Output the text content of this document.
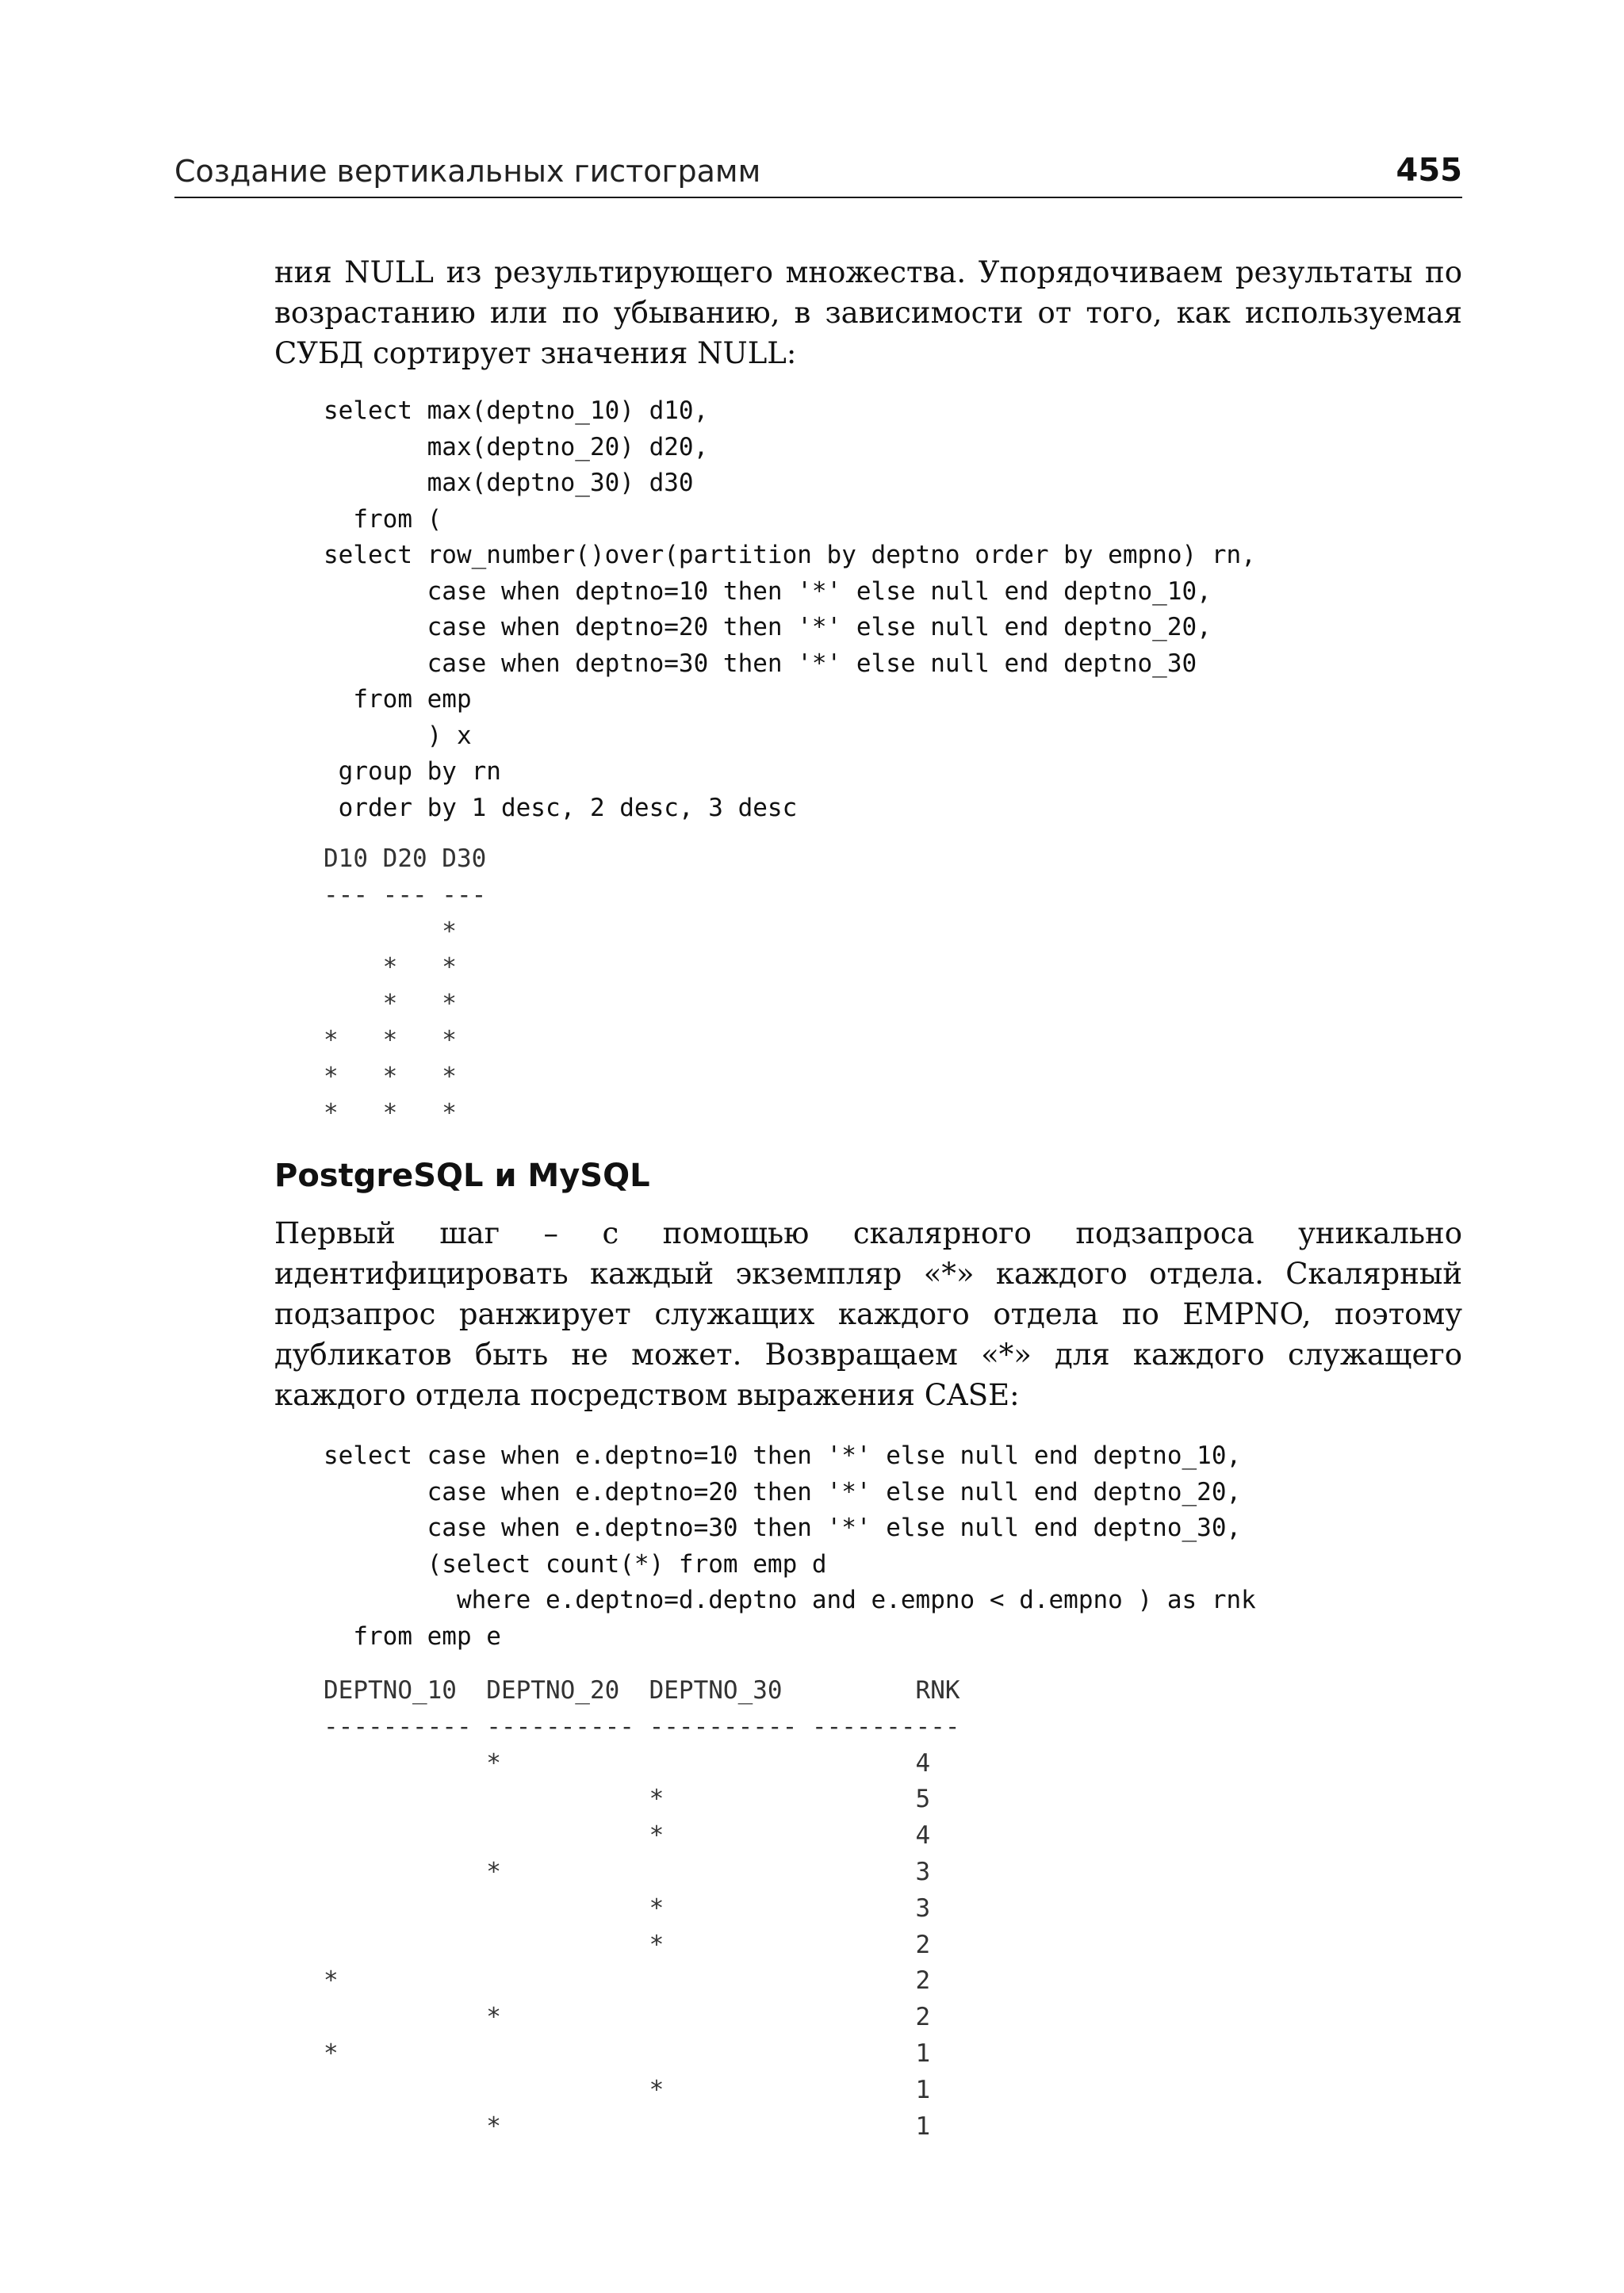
Создание вертикальных гистограмм	455

ния NULL из результирующего множества. Упорядочиваем результаты по возрастанию или по убыванию, в зависимости от того, как используемая СУБД сортирует значения NULL:

select max(deptno_10) d10,
max(deptno_20) d20,
max(deptno_30) d30
from (
select row_number()over(partition by deptno order by empno) rn,
case when deptno=10 then '*' else null end deptno_10,
case when deptno=20 then '*' else null end deptno_20,
case when deptno=30 then '*' else null end deptno_30
from emp
) x
group by rn
order by 1 desc, 2 desc, 3 desc
D10 D20 D30
--- --- ---
*
*   *
*   *
*   *   *
*   *   *
*   *   *
PostgreSQL и MySQL

Первый шаг – с помощью скалярного подзапроса уникально идентифицировать каждый экземпляр «*» каждого отдела. Скалярный подзапрос ранжирует служащих каждого отдела по EMPNO, поэтому дубликатов быть не может. Возвращаем «*» для каждого служащего каждого отдела посредством выражения CASE:

select case when e.deptno=10 then '*' else null end deptno_10,
case when e.deptno=20 then '*' else null end deptno_20,
case when e.deptno=30 then '*' else null end deptno_30,
(select count(*) from emp d
where e.deptno=d.deptno and e.empno < d.empno ) as rnk
from emp e
DEPTNO_10  DEPTNO_20  DEPTNO_30         RNK
---------- ---------- ---------- ----------
*                            4
*                 5
*                 4
*                            3
*                 3
*                 2
*                                       2
*                            2
*                                       1
*                 1
*                            1
